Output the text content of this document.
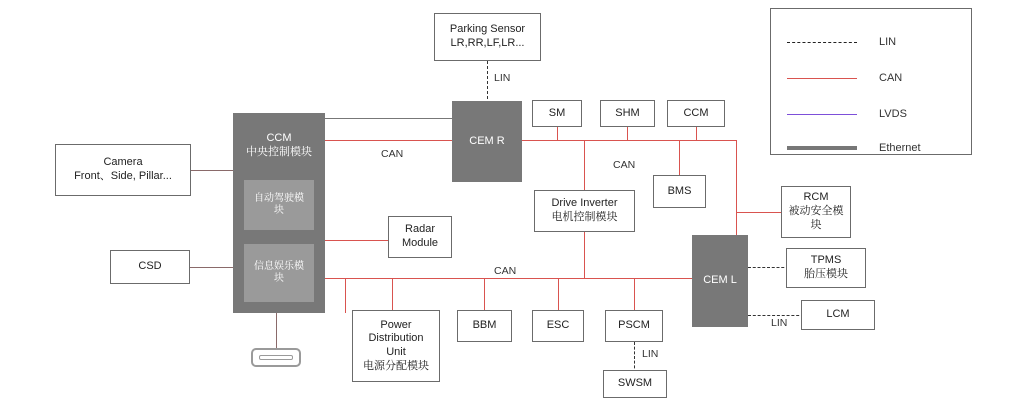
LIN
CAN
CAN
CAN
LIN
LIN
Parking Sensor
LR,RR,LF,LR...
Camera
Front、Side, Pillar...
CCM
中央控制模块
自动驾驶模
块
信息娱乐模
块
CEM R
SM	SHM	CCM
BMS
RCM
被动安全模
块
Drive Inverter
电机控制模块
Radar
Module
CSD
CEM L
TPMS
胎压模块
LCM
Power
Distribution
Unit
电源分配模块
BBM	ESC	PSCM
SWSM
LIN
CAN
LVDS
Ethernet
